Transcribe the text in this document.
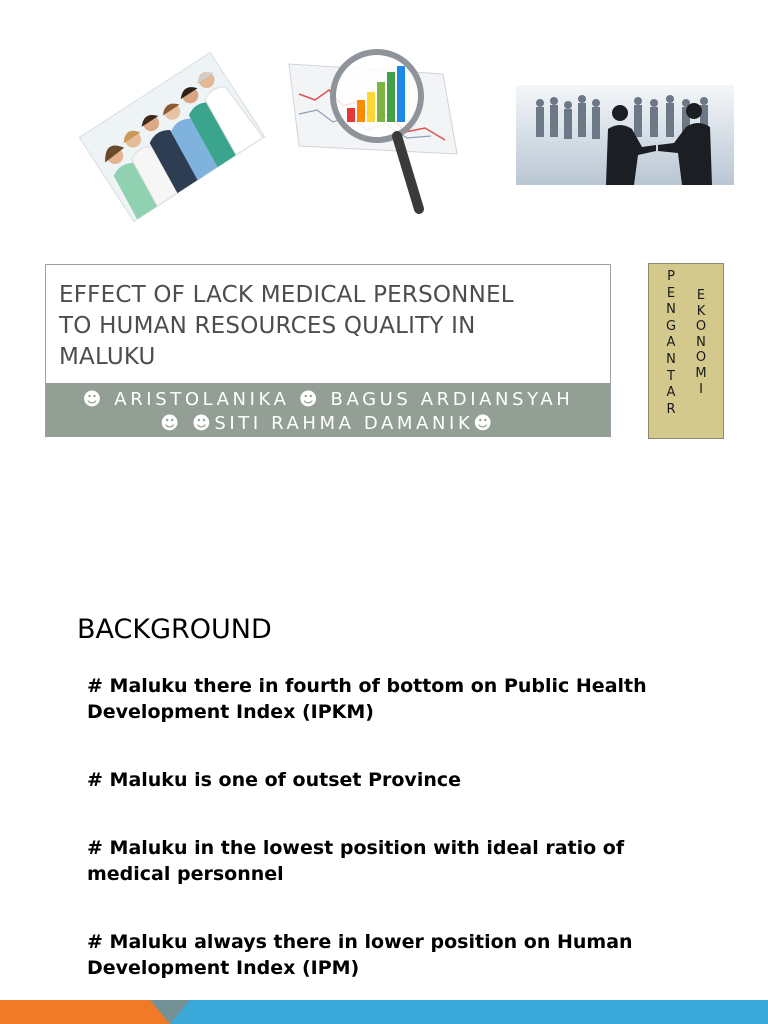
EFFECT OF LACK MEDICAL PERSONNEL
TO HUMAN RESOURCES QUALITY IN
MALUKU
☻ ARISTOLANIKA ☻ BAGUS ARDIANSYAH
☻ ☻SITI RAHMA DAMANIK☻
P
E
N
G
A
N
T
A
R
E
K
O
N
O
M
I
BACKGROUND

# Maluku there in fourth of bottom on Public Health Development Index (IPKM)

# Maluku is one of outset Province

# Maluku in the lowest position with ideal ratio of medical personnel

# Maluku always there in lower position on Human Development Index (IPM)
